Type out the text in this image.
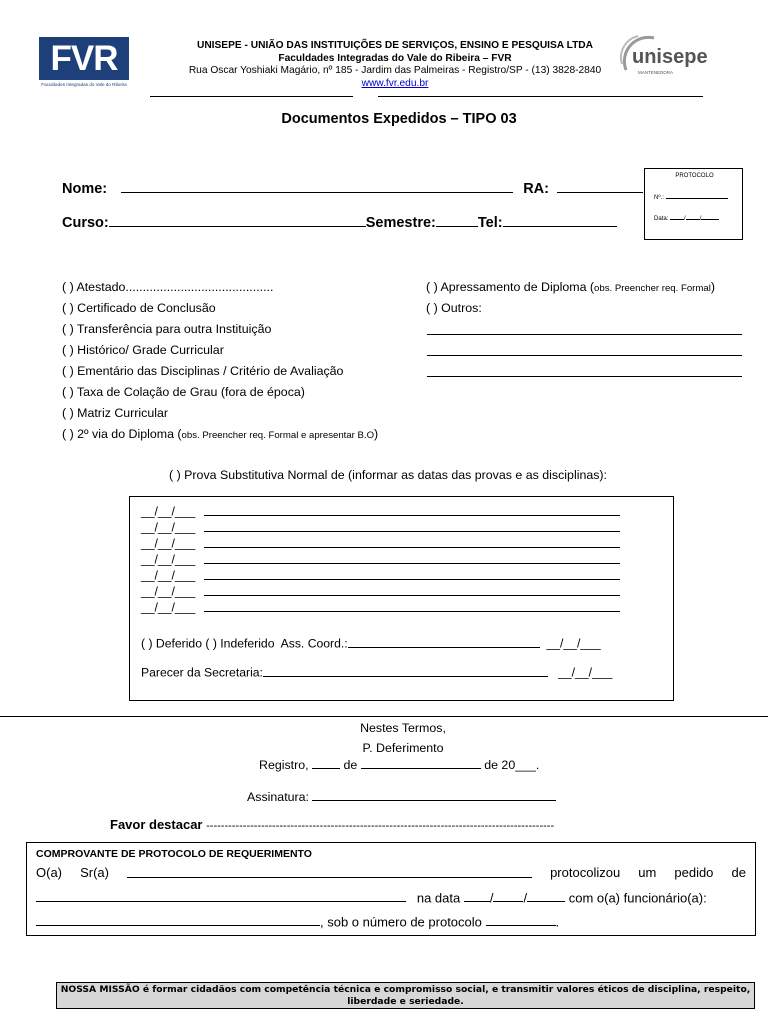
FVR
Faculdades Integradas do Vale do Ribeira
UNISEPE - UNIÃO DAS INSTITUIÇÕES DE SERVIÇOS, ENSINO E PESQUISA LTDA
Faculdades Integradas do Vale do Ribeira – FVR
Rua Oscar Yoshiaki Magário, nº 185 - Jardim das Palmeiras - Registro/SP - (13) 3828-2840
www.fvr.edu.br
unisepe
MANTENEDORA
Documentos Expedidos – TIPO 03
Nome:	RA:
Curso:	Semestre:	Tel:
PROTOCOLO
Nº.:
Data:	/ /
( ) Atestado...........................................
( ) Certificado de Conclusão
( ) Transferência para outra Instituição
( ) Histórico/ Grade Curricular
( ) Ementário das Disciplinas / Critério de Avaliação
( ) Taxa de Colação de Grau (fora de época)
( ) Matriz Curricular
( ) 2º via do Diploma (obs. Preencher req. Formal e apresentar B.O)
( ) Apressamento de Diploma (obs. Preencher req. Formal)
( ) Outros:
( ) Prova Substitutiva Normal de (informar as datas das provas e as disciplinas):
__/__/___
__/__/___
__/__/___
__/__/___
__/__/___
__/__/___
__/__/___
( ) Deferido ( ) Indeferido Ass. Coord.:	__/__/___
Parecer da Secretaria:	__/__/___
Nestes Termos,
P. Deferimento
Registro,	de	de 20___.
Assinatura:
Favor destacar -----------------------------------------------------------------------------------------------
COMPROVANTE DE PROTOCOLO DE REQUERIMENTO
O(a) Sr(a)	protocolizou um pedido de
na data / /	com o(a) funcionário(a):
, sob o número de protocolo	.
NOSSA MISSÃO é formar cidadãos com competência técnica e compromisso social, e transmitir valores éticos de disciplina, respeito, liberdade e seriedade.
